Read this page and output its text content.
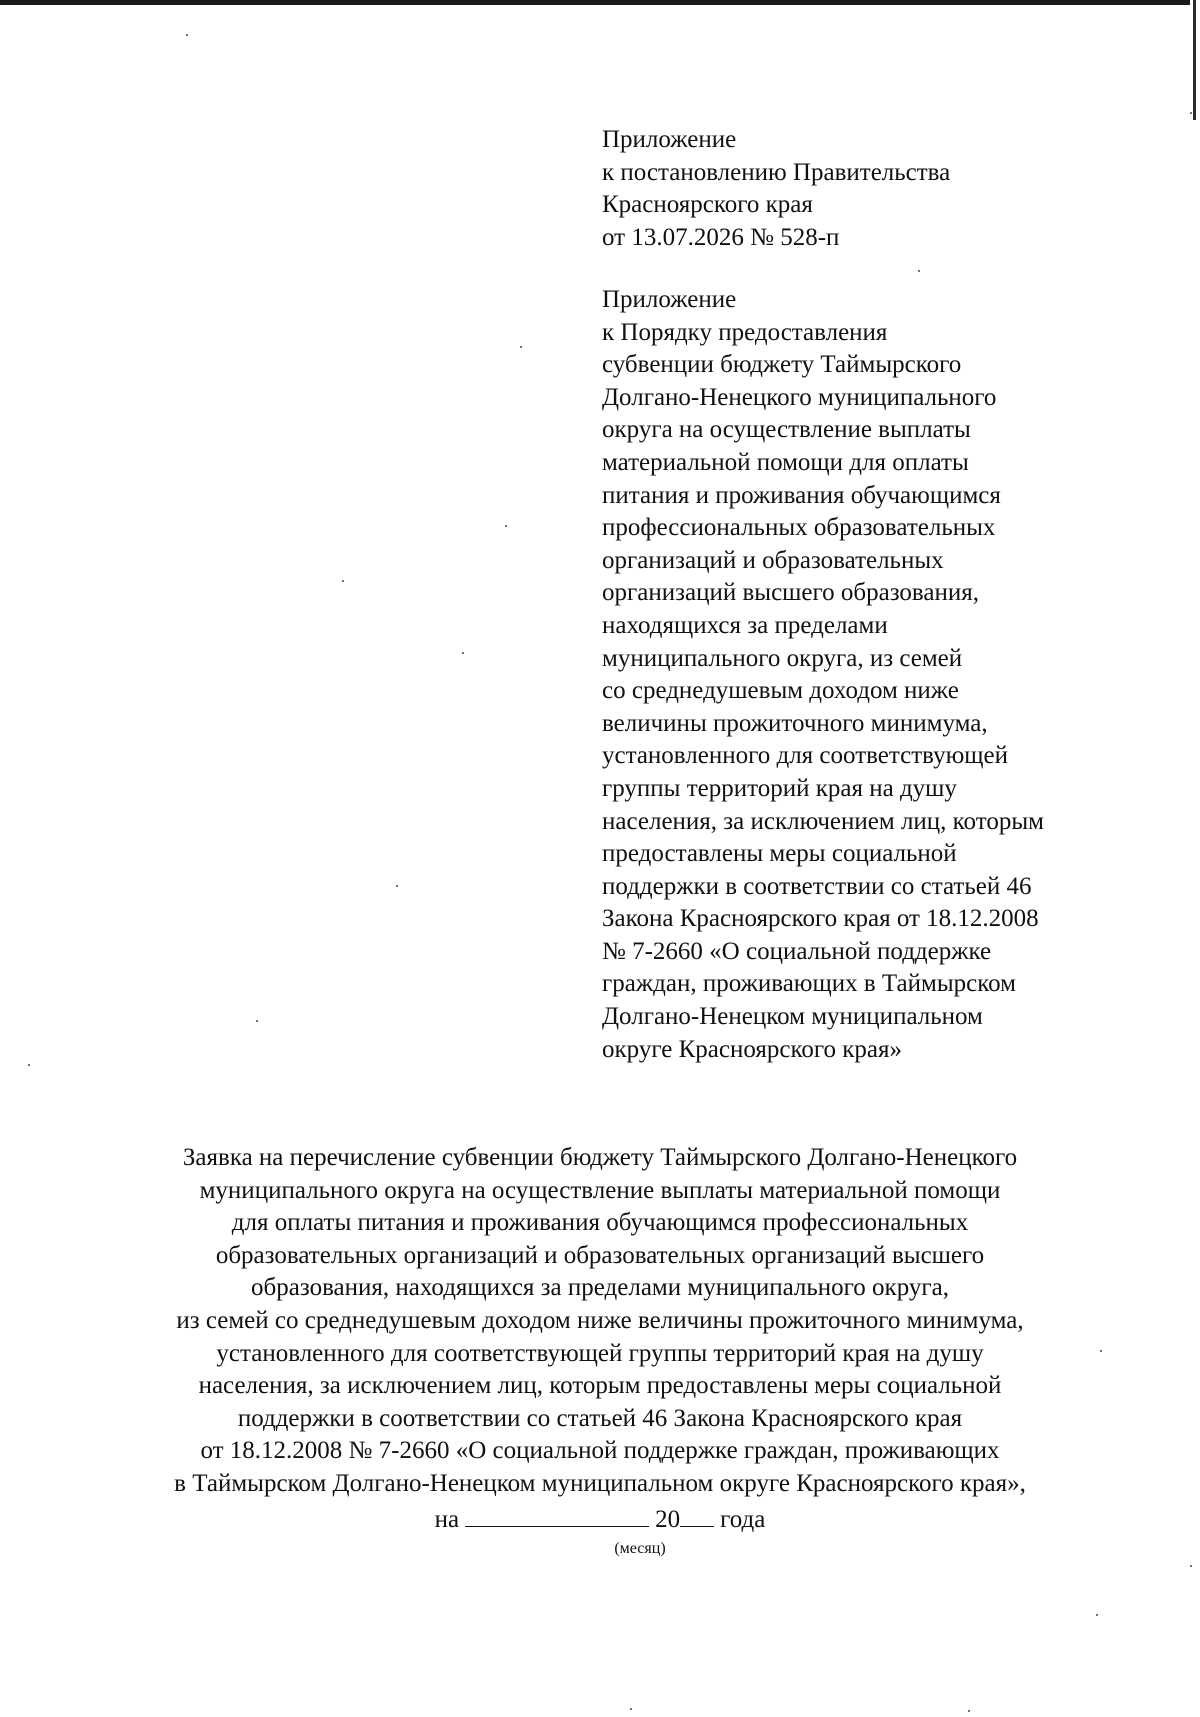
Приложение
к постановлению Правительства
Красноярского края
от 13.07.2026 № 528-п
Приложение
к Порядку предоставления
субвенции бюджету Таймырского
Долгано-Ненецкого муниципального
округа на осуществление выплаты
материальной помощи для оплаты
питания и проживания обучающимся
профессиональных образовательных
организаций и образовательных
организаций высшего образования,
находящихся за пределами
муниципального округа, из семей
со среднедушевым доходом ниже
величины прожиточного минимума,
установленного для соответствующей
группы территорий края на душу
населения, за исключением лиц, которым
предоставлены меры социальной
поддержки в соответствии со статьей 46
Закона Красноярского края от 18.12.2008
№ 7-2660 «О социальной поддержке
граждан, проживающих в Таймырском
Долгано-Ненецком муниципальном
округе Красноярского края»
Заявка на перечисление субвенции бюджету Таймырского Долгано-Ненецкого
муниципального округа на осуществление выплаты материальной помощи
для оплаты питания и проживания обучающимся профессиональных
образовательных организаций и образовательных организаций высшего
образования, находящихся за пределами муниципального округа,
из семей со среднедушевым доходом ниже величины прожиточного минимума,
установленного для соответствующей группы территорий края на душу
населения, за исключением лиц, которым предоставлены меры социальной
поддержки в соответствии со статьей 46 Закона Красноярского края
от 18.12.2008 № 7-2660 «О социальной поддержке граждан, проживающих
в Таймырском Долгано-Ненецком муниципальном округе Красноярского края»,
на	20 года
(месяц)
